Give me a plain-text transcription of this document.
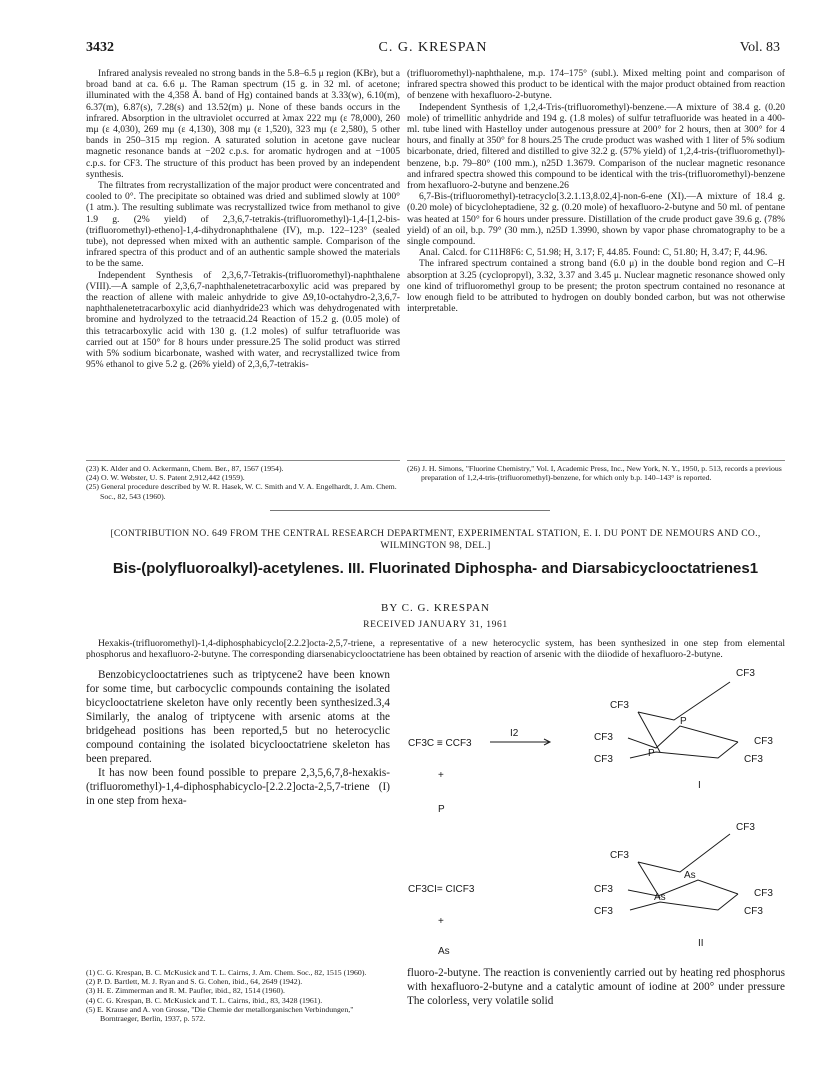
3432	C. G. KRESPAN	Vol. 83

Infrared analysis revealed no strong bands in the 5.8–6.5 μ region (KBr), but a broad band at ca. 6.6 μ. The Raman spectrum (15 g. in 32 ml. of acetone; illuminated with the 4,358 Å. band of Hg) contained bands at 3.33(w), 6.10(m), 6.37(m), 6.87(s), 7.28(s) and 13.52(m) μ. None of these bands occurs in the infrared. Absorption in the ultraviolet occurred at λmax 222 mμ (ε 78,000), 260 mμ (ε 4,030), 269 mμ (ε 4,130), 308 mμ (ε 1,520), 323 mμ (ε 2,580), 5 other bands in 250–315 mμ region. A saturated solution in acetone gave nuclear magnetic resonance bands at −202 c.p.s. for aromatic hydrogen and at −1005 c.p.s. for CF3. The structure of this product has been proved by an independent synthesis.

The filtrates from recrystallization of the major product were concentrated and cooled to 0°. The precipitate so obtained was dried and sublimed slowly at 100° (1 atm.). The resulting sublimate was recrystallized twice from methanol to give 1.9 g. (2% yield) of 2,3,6,7-tetrakis-(trifluoromethyl)-1,4-[1,2-bis-(trifluoromethyl)-etheno]-1,4-dihydronaphthalene (IV), m.p. 122–123° (sealed tube), not depressed when mixed with an authentic sample. Comparison of the infrared spectra of this product and of an authentic sample showed the materials to be the same.

Independent Synthesis of 2,3,6,7-Tetrakis-(trifluoromethyl)-naphthalene (VIII).—A sample of 2,3,6,7-naphthalenetetracarboxylic acid was prepared by the reaction of allene with maleic anhydride to give Δ9,10-octahydro-2,3,6,7-naphthalenetetracarboxylic acid dianhydride23 which was dehydrogenated with bromine and hydrolyzed to the tetraacid.24 Reaction of 15.2 g. (0.05 mole) of this tetracarboxylic acid with 130 g. (1.2 moles) of sulfur tetrafluoride was carried out at 150° for 8 hours under pressure.25 The solid product was stirred with 5% sodium bicarbonate, washed with water, and recrystallized twice from 95% ethanol to give 5.2 g. (26% yield) of 2,3,6,7-tetrakis-

(trifluoromethyl)-naphthalene, m.p. 174–175° (subl.). Mixed melting point and comparison of infrared spectra showed this product to be identical with the major product obtained from reaction of benzene with hexafluoro-2-butyne.

Independent Synthesis of 1,2,4-Tris-(trifluoromethyl)-benzene.—A mixture of 38.4 g. (0.20 mole) of trimellitic anhydride and 194 g. (1.8 moles) of sulfur tetrafluoride was heated in a 400-ml. tube lined with Hastelloy under autogenous pressure at 200° for 2 hours, then at 300° for 4 hours, and finally at 350° for 8 hours.25 The crude product was washed with 1 liter of 5% sodium bicarbonate, dried, filtered and distilled to give 32.2 g. (57% yield) of 1,2,4-tris-(trifluoromethyl)-benzene, b.p. 79–80° (100 mm.), n25D 1.3679. Comparison of the nuclear magnetic resonance and infrared spectra showed this compound to be identical with the tris-(trifluoromethyl)-benzene from hexafluoro-2-butyne and benzene.26

6,7-Bis-(trifluoromethyl)-tetracyclo[3.2.1.13,8.02,4]-non-6-ene (XI).—A mixture of 18.4 g. (0.20 mole) of bicycloheptadiene, 32 g. (0.20 mole) of hexafluoro-2-butyne and 50 ml. of pentane was heated at 150° for 6 hours under pressure. Distillation of the crude product gave 39.6 g. (78% yield) of an oil, b.p. 79° (30 mm.), n25D 1.3990, shown by vapor phase chromatography to be a single compound.

Anal. Calcd. for C11H8F6: C, 51.98; H, 3.17; F, 44.85. Found: C, 51.80; H, 3.47; F, 44.96.

The infrared spectrum contained a strong band (6.0 μ) in the double bond region and C–H absorption at 3.25 (cyclopropyl), 3.32, 3.37 and 3.45 μ. Nuclear magnetic resonance showed only one kind of trifluoromethyl group to be present; the proton spectrum contained no resonance at low enough field to be attributed to hydrogen on doubly bonded carbon, but was not otherwise interpretable.

(23) K. Alder and O. Ackermann, Chem. Ber., 87, 1567 (1954).
(24) O. W. Webster, U. S. Patent 2,912,442 (1959).
(25) General procedure described by W. R. Hasek, W. C. Smith and V. A. Engelhardt, J. Am. Chem. Soc., 82, 543 (1960).
(26) J. H. Simons, "Fluorine Chemistry," Vol. I, Academic Press, Inc., New York, N. Y., 1950, p. 513, records a previous preparation of 1,2,4-tris-(trifluoromethyl)-benzene, for which only b.p. 140–143° is reported.
[CONTRIBUTION NO. 649 FROM THE CENTRAL RESEARCH DEPARTMENT, EXPERIMENTAL STATION, E. I. DU PONT DE NEMOURS AND CO., WILMINGTON 98, DEL.]
Bis-(polyfluoroalkyl)-acetylenes. III. Fluorinated Diphospha- and Diarsabicyclooctatrienes1
BY C. G. KRESPAN
RECEIVED JANUARY 31, 1961
Hexakis-(trifluoromethyl)-1,4-diphosphabicyclo[2.2.2]octa-2,5,7-triene, a representative of a new heterocyclic system, has been synthesized in one step from elemental phosphorus and hexafluoro-2-butyne. The corresponding diarsenabicyclooctatriene has been obtained by reaction of arsenic with the diiodide of hexafluoro-2-butyne.

Benzobicyclooctatrienes such as triptycene2 have been known for some time, but carbocyclic compounds containing the isolated bicyclooctatriene skeleton have only recently been synthesized.3,4 Similarly, the analog of triptycene with arsenic atoms at the bridgehead positions has been reported,5 but no heterocyclic compound containing the isolated bicyclooctatriene skeleton has been prepared.

It has now been found possible to prepare 2,3,5,6,7,8-hexakis-(trifluoromethyl)-1,4-diphosphabicyclo-[2.2.2]octa-2,5,7-triene (I) in one step from hexa-

(1) C. G. Krespan, B. C. McKusick and T. L. Cairns, J. Am. Chem. Soc., 82, 1515 (1960).
(2) P. D. Bartlett, M. J. Ryan and S. G. Cohen, ibid., 64, 2649 (1942).
(3) H. E. Zimmerman and R. M. Paufler, ibid., 82, 1514 (1960).
(4) C. G. Krespan, B. C. McKusick and T. L. Cairns, ibid., 83, 3428 (1961).
(5) E. Krause and A. von Grosse, "Die Chemie der metallorganischen Verbindungen," Borntraeger, Berlin, 1937, p. 572.
CF3C ≡ CCF3
+
P
I2
CF3CI= CICF3
+
As
CF3
CF3
CF3
CF3
CF3
CF3
P
P
I
CF3
CF3
CF3
CF3
CF3
CF3
As
As
II
fluoro-2-butyne. The reaction is conveniently carried out by heating red phosphorus with hexafluoro-2-butyne and a catalytic amount of iodine at 200° under pressure The colorless, very volatile solid
